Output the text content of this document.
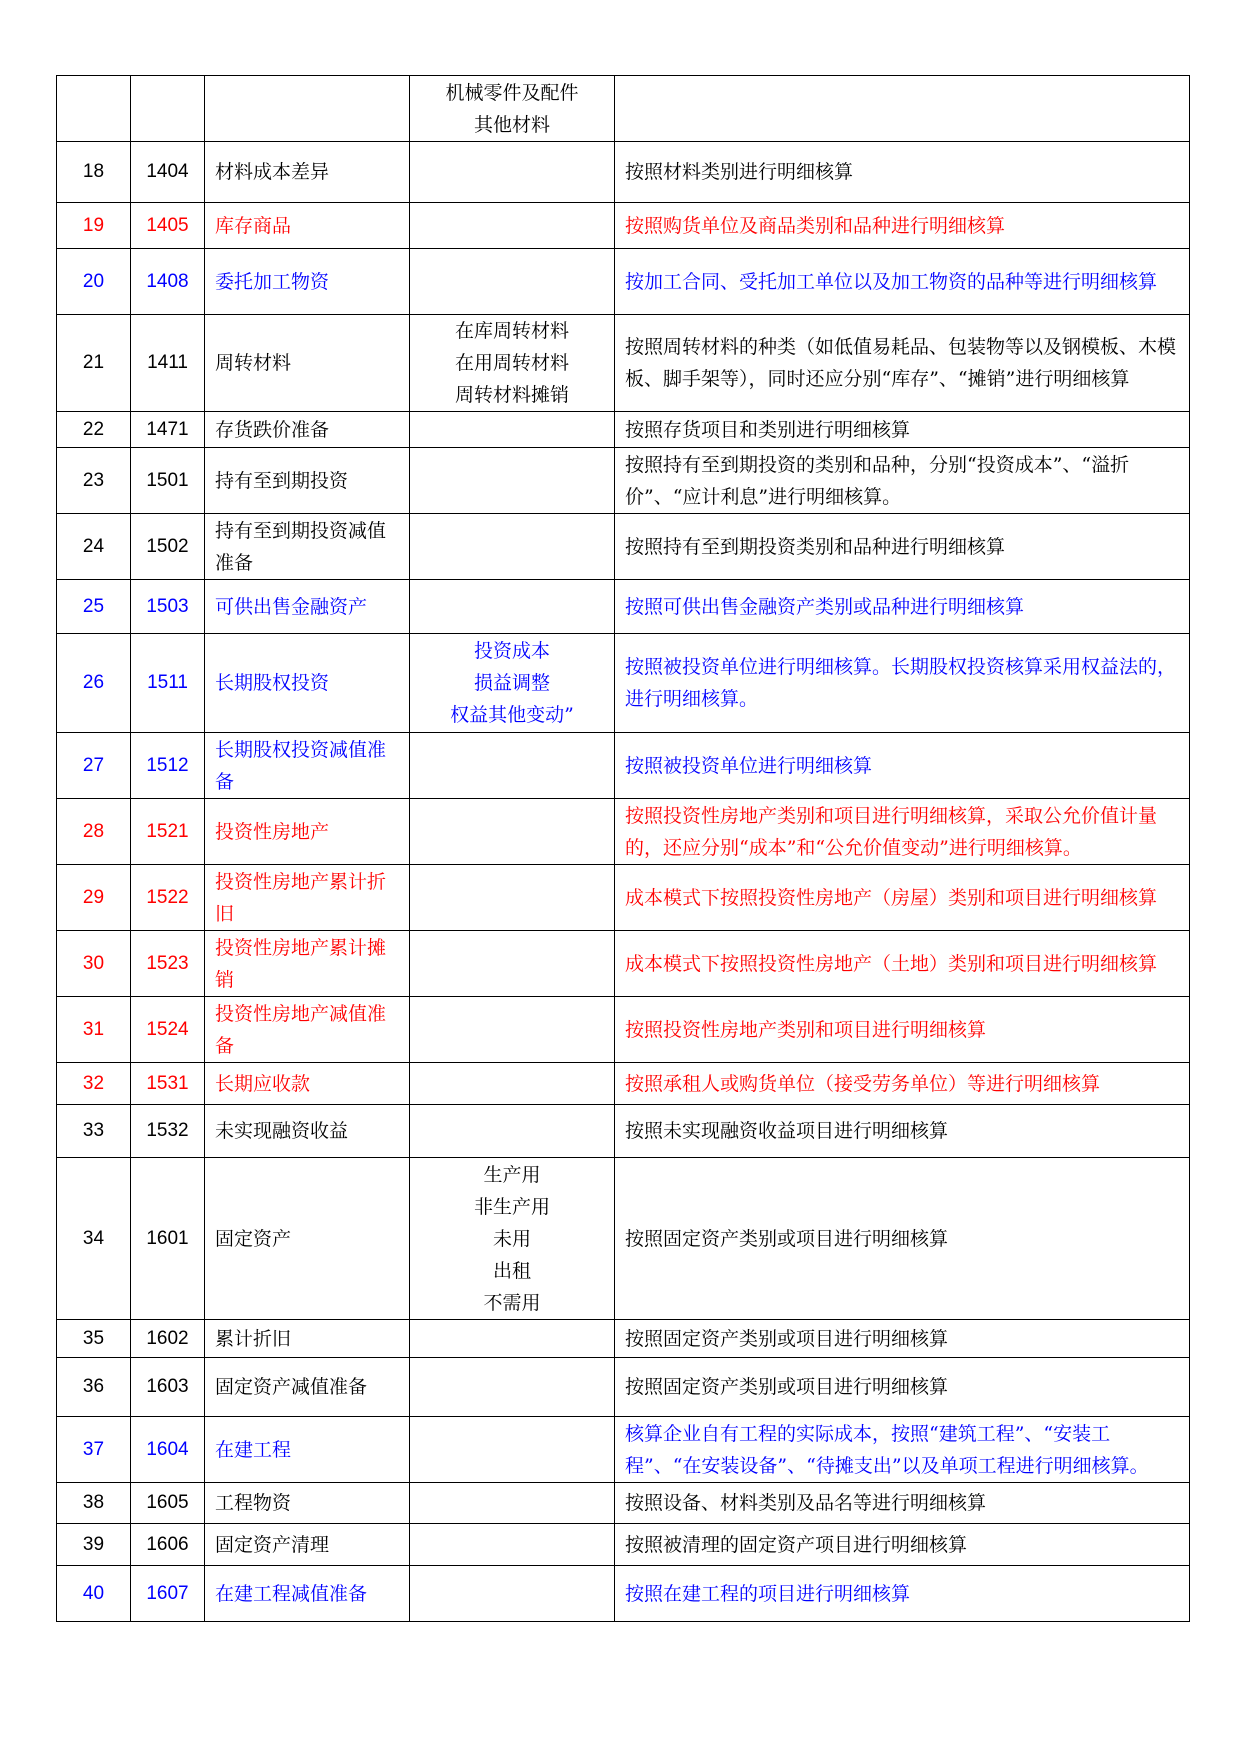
			机械零件及配件
其他材料	

18	1404	材料成本差异		按照材料类别进行明细核算
19	1405	库存商品		按照购货单位及商品类别和品种进行明细核算
20	1408	委托加工物资		按加工合同、受托加工单位以及加工物资的品种等进行明细核算
21	1411	周转材料	在库周转材料
在用周转材料
周转材料摊销	按照周转材料的种类（如低值易耗品、包装物等以及钢模板、木模板、脚手架等），同时还应分别“库存”、“摊销”进行明细核算
22	1471	存货跌价准备		按照存货项目和类别进行明细核算
23	1501	持有至到期投资		按照持有至到期投资的类别和品种，分别“投资成本”、“溢折价”、“应计利息”进行明细核算。
24	1502	持有至到期投资减值准备		按照持有至到期投资类别和品种进行明细核算
25	1503	可供出售金融资产		按照可供出售金融资产类别或品种进行明细核算
26	1511	长期股权投资	投资成本
损益调整
权益其他变动”	按照被投资单位进行明细核算。长期股权投资核算采用权益法的，进行明细核算。
27	1512	长期股权投资减值准备		按照被投资单位进行明细核算
28	1521	投资性房地产		按照投资性房地产类别和项目进行明细核算，采取公允价值计量的，还应分别“成本”和“公允价值变动”进行明细核算。
29	1522	投资性房地产累计折旧		成本模式下按照投资性房地产（房屋）类别和项目进行明细核算
30	1523	投资性房地产累计摊销		成本模式下按照投资性房地产（土地）类别和项目进行明细核算
31	1524	投资性房地产减值准备		按照投资性房地产类别和项目进行明细核算
32	1531	长期应收款		按照承租人或购货单位（接受劳务单位）等进行明细核算
33	1532	未实现融资收益		按照未实现融资收益项目进行明细核算
34	1601	固定资产	生产用
非生产用
未用
出租
不需用	按照固定资产类别或项目进行明细核算
35	1602	累计折旧		按照固定资产类别或项目进行明细核算
36	1603	固定资产减值准备		按照固定资产类别或项目进行明细核算
37	1604	在建工程		核算企业自有工程的实际成本，按照“建筑工程”、“安装工程”、“在安装设备”、“待摊支出”以及单项工程进行明细核算。
38	1605	工程物资		按照设备、材料类别及品名等进行明细核算
39	1606	固定资产清理		按照被清理的固定资产项目进行明细核算
40	1607	在建工程减值准备		按照在建工程的项目进行明细核算
